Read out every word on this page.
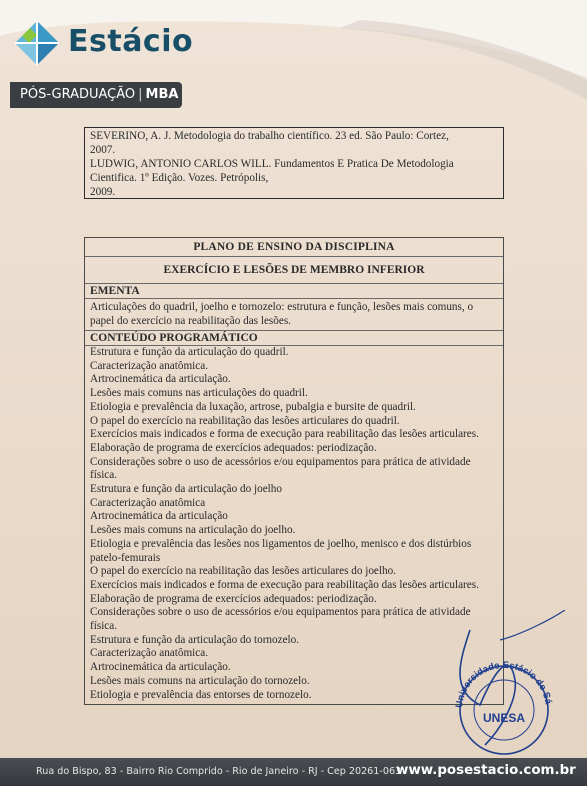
Estácio
PÓS-GRADUAÇÃO | MBA
SEVERINO, A. J. Metodologia do trabalho científico. 23 ed. São Paulo: Cortez,
2007.
LUDWIG, ANTONIO CARLOS WILL. Fundamentos E Pratica De Metodologia
Cientifica. 1º Edição. Vozes. Petrópolis,
2009.
PLANO DE ENSINO DA DISCIPLINA
EXERCÍCIO E LESÕES DE MEMBRO INFERIOR
EMENTA
Articulações do quadril, joelho e tornozelo: estrutura e função, lesões mais comuns, o papel do exercício na reabilitação das lesões.
CONTEÚDO PROGRAMÁTICO
Estrutura e função da articulação do quadril.
Caracterização anatômica.
Artrocinemática da articulação.
Lesões mais comuns nas articulações do quadril.
Etiologia e prevalência da luxação, artrose, pubalgia e bursite de quadril.
O papel do exercício na reabilitação das lesões articulares do quadril.
Exercícios mais indicados e forma de execução para reabilitação das lesões articulares.
Elaboração de programa de exercícios adequados: periodização.
Considerações sobre o uso de acessórios e/ou equipamentos para prática de atividade física.
Estrutura e função da articulação do joelho
Caracterização anatômica
Artrocinemática da articulação
Lesões mais comuns na articulação do joelho.
Etiologia e prevalência das lesões nos ligamentos de joelho, menisco e dos distúrbios patelo-femurais
O papel do exercício na reabilitação das lesões articulares do joelho.
Exercícios mais indicados e forma de execução para reabilitação das lesões articulares.
Elaboração de programa de exercícios adequados: periodização.
Considerações sobre o uso de acessórios e/ou equipamentos para prática de atividade física.
Estrutura e função da articulação do tornozelo.
Caracterização anatômica.
Artrocinemática da articulação.
Lesões mais comuns na articulação do tornozelo.
Etiologia e prevalência das entorses de tornozelo.
Universidade Estácio de Sá
UNESA
Rua do Bispo, 83 - Bairro Rio Comprido - Rio de Janeiro - RJ - Cep 20261-063
www.posestacio.com.br
